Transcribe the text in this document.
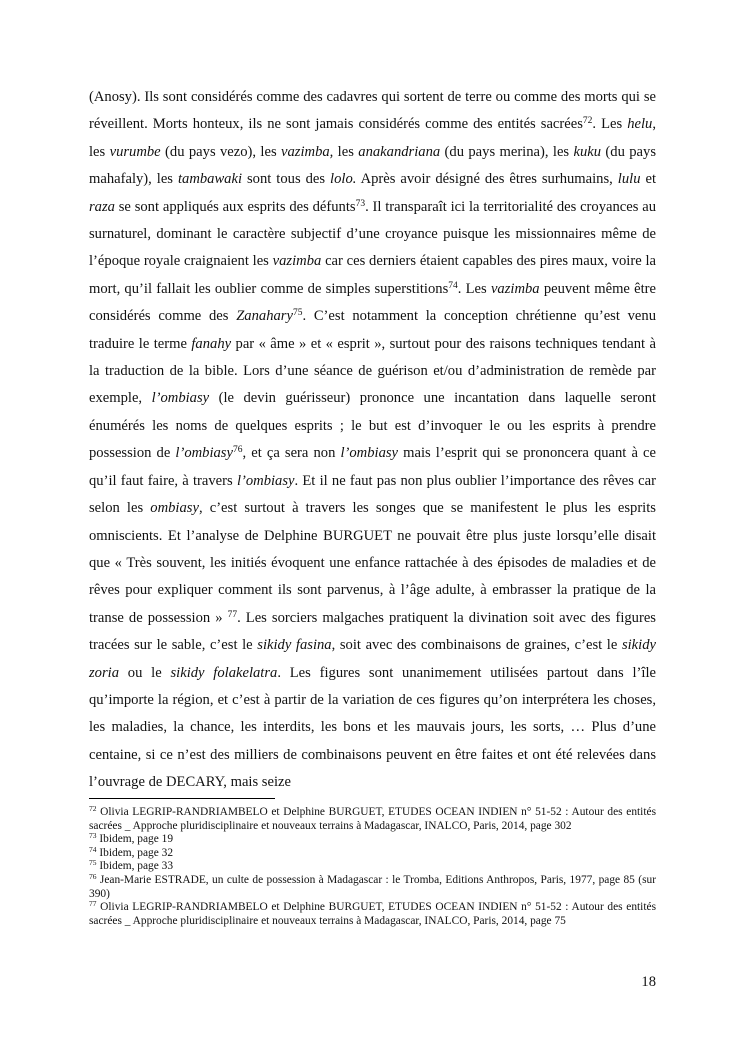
(Anosy). Ils sont considérés comme des cadavres qui sortent de terre ou comme des morts qui se réveillent. Morts honteux, ils ne sont jamais considérés comme des entités sacrées$^{72}$. Les helu, les vurumbe (du pays vezo), les vazimba, les anakandriana (du pays merina), les kuku (du pays mahafaly), les tambawaki sont tous des lolo. Après avoir désigné des êtres surhumains, lulu et raza se sont appliqués aux esprits des défunts$^{73}$. Il transparaît ici la territorialité des croyances au surnaturel, dominant le caractère subjectif d’une croyance puisque les missionnaires même de l’époque royale craignaient les vazimba car ces derniers étaient capables des pires maux, voire la mort, qu’il fallait les oublier comme de simples superstitions$^{74}$. Les vazimba peuvent même être considérés comme des Zanahary$^{75}$. C’est notamment la conception chrétienne qu’est venu traduire le terme fanahy par « âme » et « esprit », surtout pour des raisons techniques tendant à la traduction de la bible. Lors d’une séance de guérison et/ou d’administration de remède par exemple, l’ombiasy (le devin guérisseur) prononce une incantation dans laquelle seront énumérés les noms de quelques esprits ; le but est d’invoquer le ou les esprits à prendre possession de l’ombiasy$^{76}$, et ça sera non l’ombiasy mais l’esprit qui se prononcera quant à ce qu’il faut faire, à travers l’ombiasy. Et il ne faut pas non plus oublier l’importance des rêves car selon les ombiasy, c’est surtout à travers les songes que se manifestent le plus les esprits omniscients. Et l’analyse de Delphine BURGUET ne pouvait être plus juste lorsqu’elle disait que « Très souvent, les initiés évoquent une enfance rattachée à des épisodes de maladies et de rêves pour expliquer comment ils sont parvenus, à l’âge adulte, à embrasser la pratique de la transe de possession » $^{77}$. Les sorciers malgaches pratiquent la divination soit avec des figures tracées sur le sable, c’est le sikidy fasina, soit avec des combinaisons de graines, c’est le sikidy zoria ou le sikidy folakelatra. Les figures sont unanimement utilisées partout dans l’île qu’importe la région, et c’est à partir de la variation de ces figures qu’on interprétera les choses, les maladies, la chance, les interdits, les bons et les mauvais jours, les sorts, … Plus d’une centaine, si ce n’est des milliers de combinaisons peuvent en être faites et ont été relevées dans l’ouvrage de DECARY, mais seize

$^{72}$ Olivia LEGRIP-RANDRIAMBELO et Delphine BURGUET, ETUDES OCEAN INDIEN n° 51-52 : Autour des entités sacrées _ Approche pluridisciplinaire et nouveaux terrains à Madagascar, INALCO, Paris, 2014, page 302

$^{73}$ Ibidem, page 19

$^{74}$ Ibidem, page 32

$^{75}$ Ibidem, page 33

$^{76}$ Jean-Marie ESTRADE, un culte de possession à Madagascar : le Tromba, Editions Anthropos, Paris, 1977, page 85 (sur 390)

$^{77}$ Olivia LEGRIP-RANDRIAMBELO et Delphine BURGUET, ETUDES OCEAN INDIEN n° 51-52 : Autour des entités sacrées _ Approche pluridisciplinaire et nouveaux terrains à Madagascar, INALCO, Paris, 2014, page 75

18
